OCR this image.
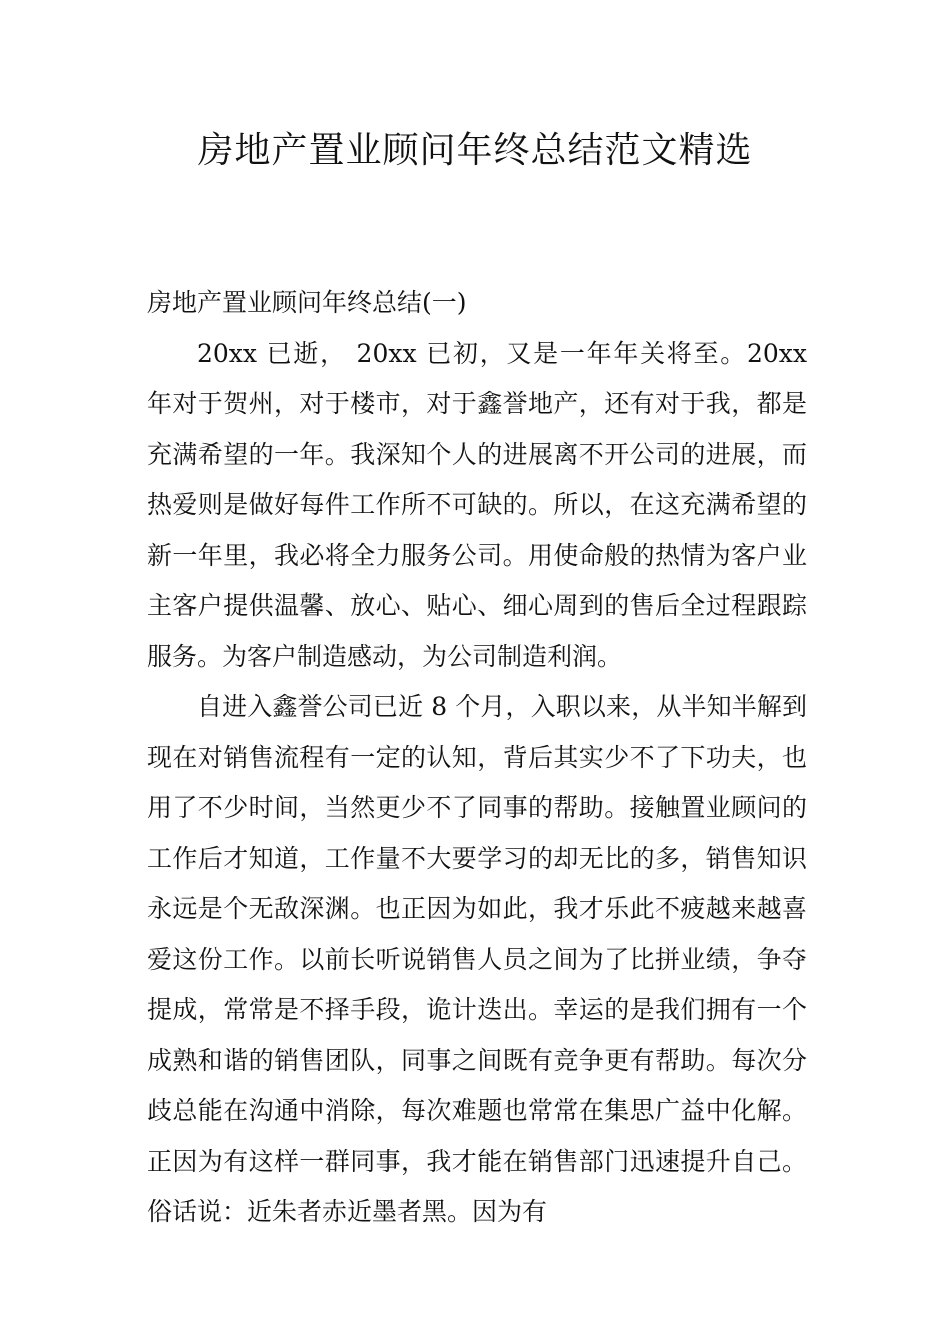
房地产置业顾问年终总结范文精选
房地产置业顾问年终总结(一)

20xx 已逝， 20xx 已初，又是一年年关将至。20xx 年对于贺州，对于楼市，对于鑫誉地产，还有对于我，都是充满希望的一年。我深知个人的进展离不开公司的进展，而热爱则是做好每件工作所不可缺的。所以，在这充满希望的新一年里，我必将全力服务公司。用使命般的热情为客户业主客户提供温馨、放心、贴心、细心周到的售后全过程跟踪服务。为客户制造感动，为公司制造利润。

自进入鑫誉公司已近 8 个月，入职以来，从半知半解到现在对销售流程有一定的认知，背后其实少不了下功夫，也用了不少时间，当然更少不了同事的帮助。接触置业顾问的工作后才知道，工作量不大要学习的却无比的多，销售知识永远是个无敌深渊。也正因为如此，我才乐此不疲越来越喜爱这份工作。以前长听说销售人员之间为了比拼业绩，争夺提成，常常是不择手段，诡计迭出。幸运的是我们拥有一个成熟和谐的销售团队，同事之间既有竞争更有帮助。每次分歧总能在沟通中消除，每次难题也常常在集思广益中化解。正因为有这样一群同事，我才能在销售部门迅速提升自己。俗话说：近朱者赤近墨者黑。因为有
